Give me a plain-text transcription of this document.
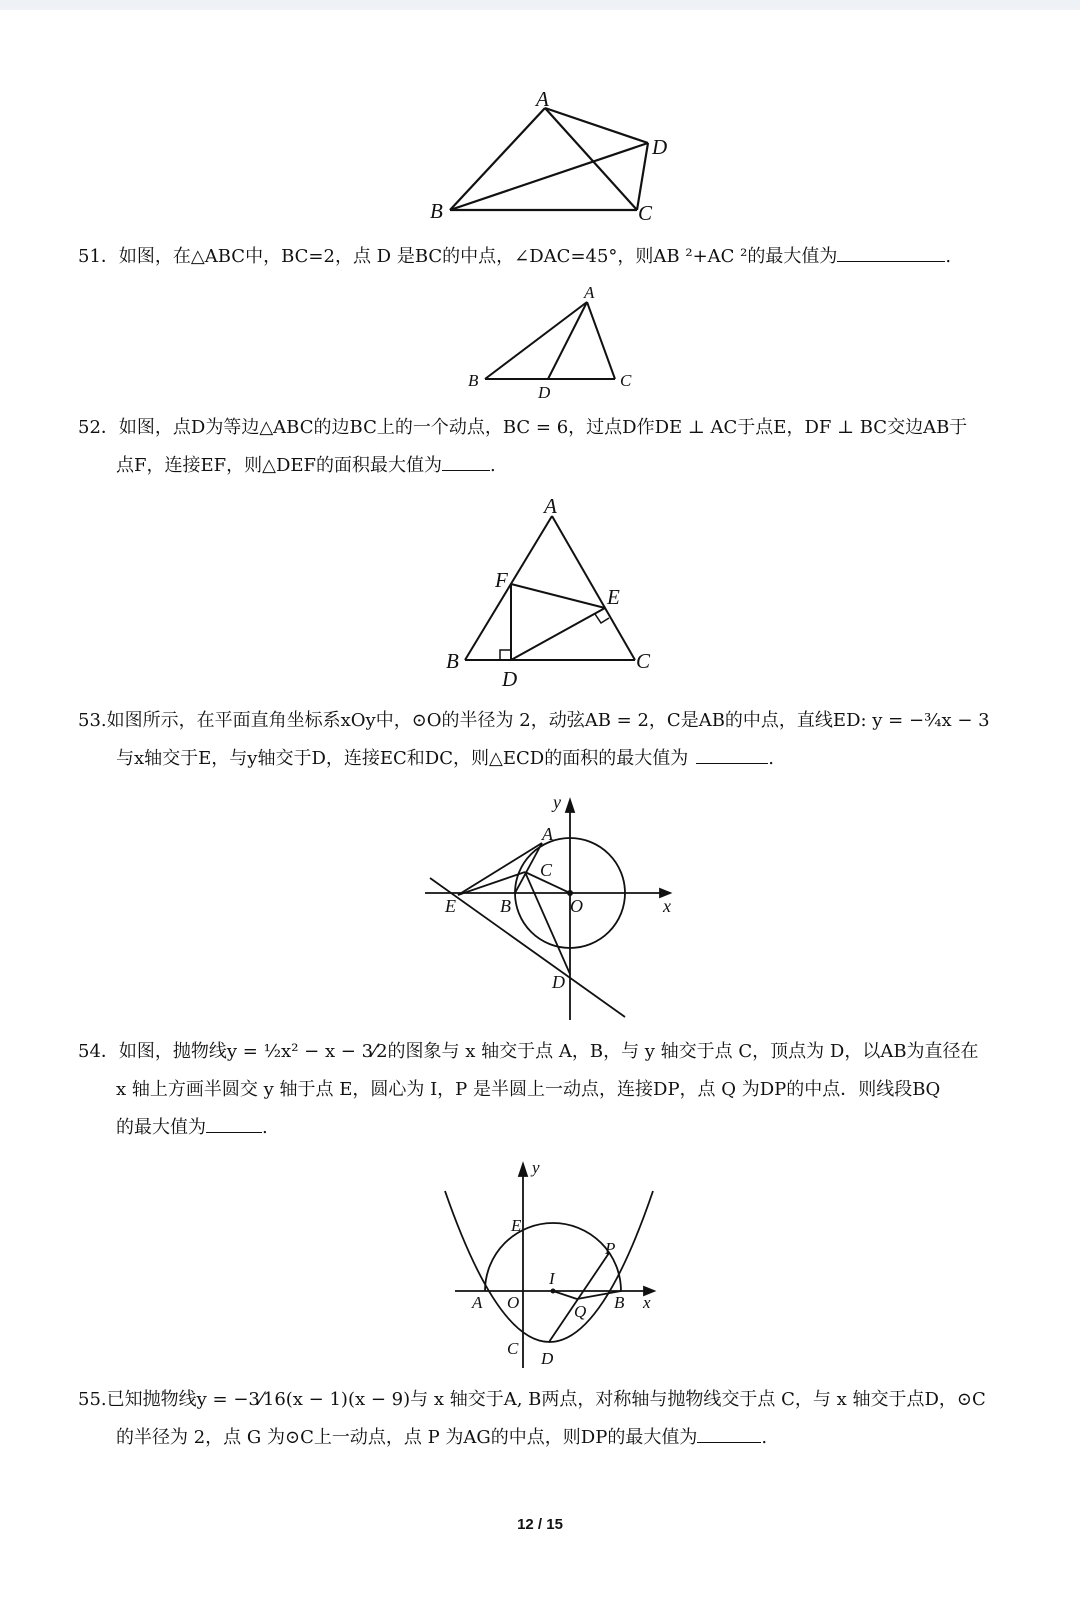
A
B	C
D
51．如图，在△ABC中，BC=2，点 D 是BC的中点，∠DAC=45°，则AB ²+AC ²的最大值为	.
A
B	C
D
52．如图，点D为等边△ABC的边BC上的一个动点，BC = 6，过点D作DE ⊥ AC于点E，DF ⊥ BC交边AB于
点F，连接EF，则△DEF的面积最大值为	.
A
B	C
D
E
F
53.如图所示，在平面直角坐标系xOy中，⊙O的半径为 2，动弦AB = 2，C是AB的中点，直线ED: y = −¾x − 3
与x轴交于E，与y轴交于D，连接EC和DC，则△ECD的面积的最大值为	.
A
B
C
D
E	O	x
y
54．如图，抛物线y = ½x² − x − 3⁄2的图象与 x 轴交于点 A，B，与 y 轴交于点 C，顶点为 D，以AB为直径在
x 轴上方画半圆交 y 轴于点 E，圆心为 I，P 是半圆上一动点，连接DP，点 Q 为DP的中点．则线段BQ
的最大值为	.
A	B
C
D
E
I
P
Q
O	x
y
55.已知抛物线y = −3⁄16(x − 1)(x − 9)与 x 轴交于A, B两点，对称轴与抛物线交于点 C，与 x 轴交于点D，⊙C
的半径为 2，点 G 为⊙C上一动点，点 P 为AG的中点，则DP的最大值为	.
12 / 15
